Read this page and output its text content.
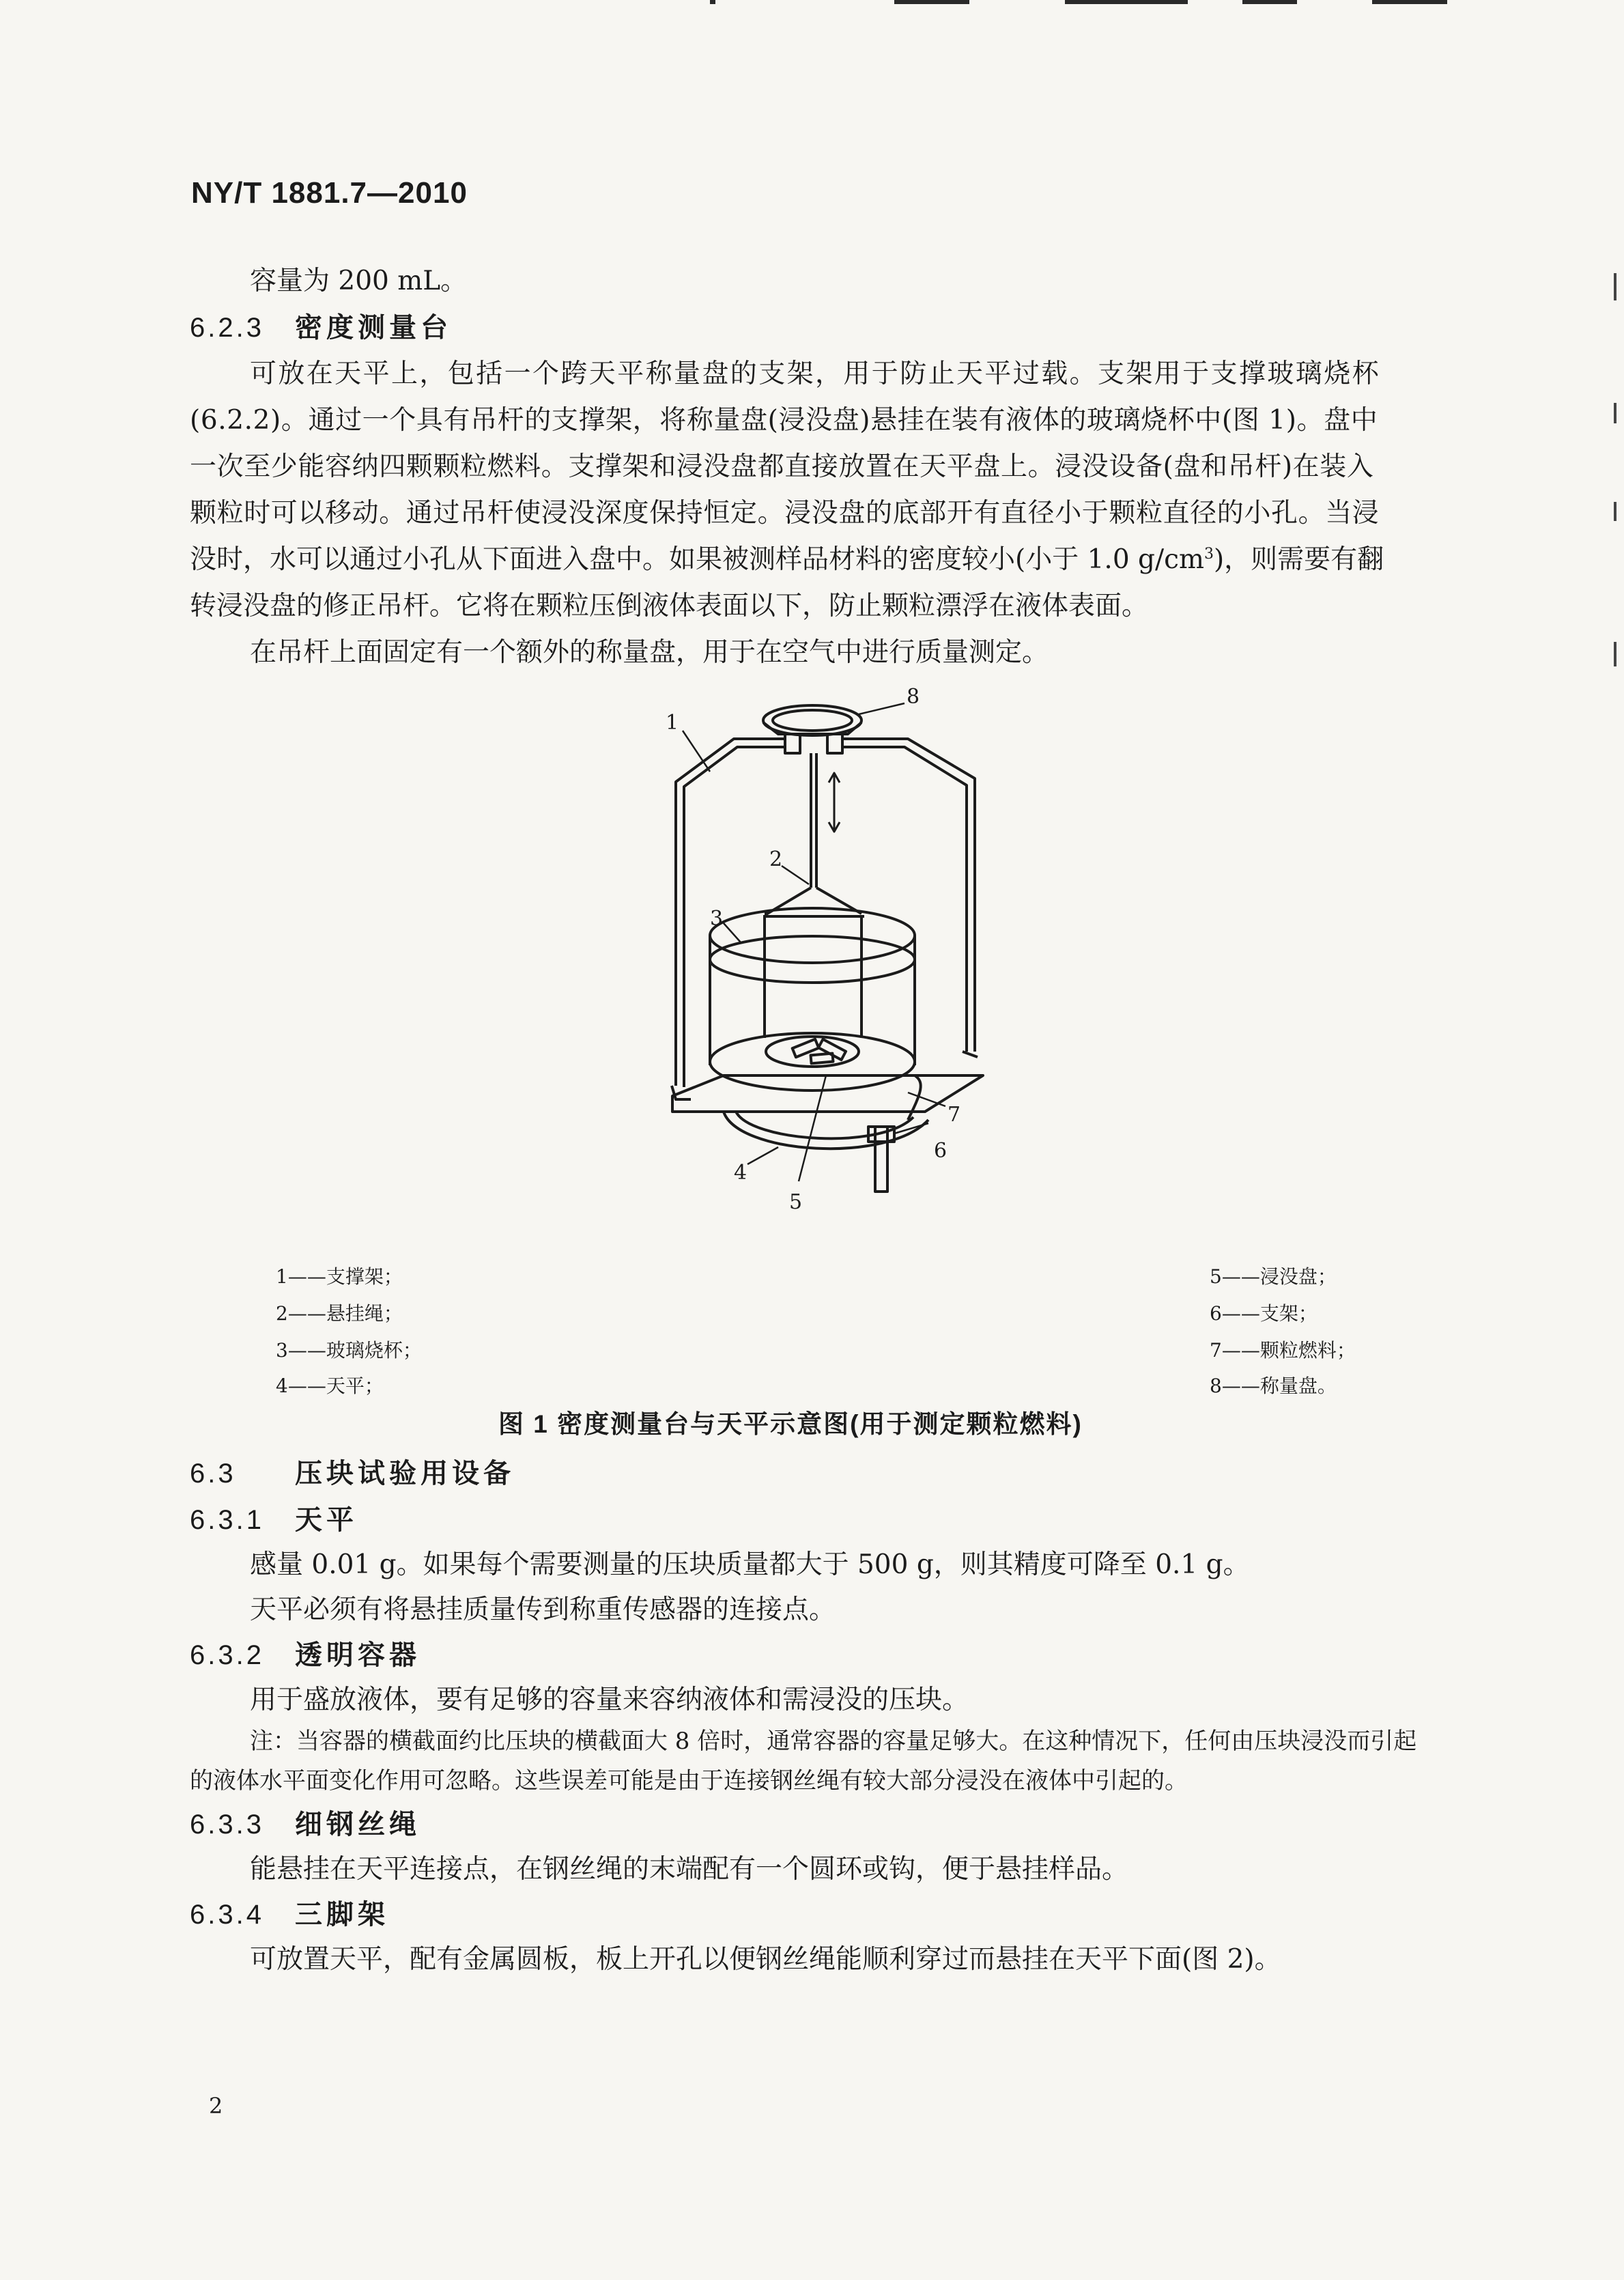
NY/T 1881.7—2010
容量为 200 mL。
6.2.3 密度测量台
可放在天平上，包括一个跨天平称量盘的支架，用于防止天平过载。支架用于支撑玻璃烧杯
(6.2.2)。通过一个具有吊杆的支撑架，将称量盘(浸没盘)悬挂在装有液体的玻璃烧杯中(图 1)。盘中
一次至少能容纳四颗颗粒燃料。支撑架和浸没盘都直接放置在天平盘上。浸没设备(盘和吊杆)在装入
颗粒时可以移动。通过吊杆使浸没深度保持恒定。浸没盘的底部开有直径小于颗粒直径的小孔。当浸
没时，水可以通过小孔从下面进入盘中。如果被测样品材料的密度较小(小于 1.0 $g/cm^3$)，则需要有翻
转浸没盘的修正吊杆。它将在颗粒压倒液体表面以下，防止颗粒漂浮在液体表面。
在吊杆上面固定有一个额外的称量盘，用于在空气中进行质量测定。
1
2
3
4
5
6
7
8
1——支撑架；
2——悬挂绳；
3——玻璃烧杯；
4——天平；
5——浸没盘；
6——支架；
7——颗粒燃料；
8——称量盘。
图 1 密度测量台与天平示意图(用于测定颗粒燃料)
6.3 压块试验用设备
6.3.1 天平
感量 0.01 g。如果每个需要测量的压块质量都大于 500 g，则其精度可降至 0.1 g。
天平必须有将悬挂质量传到称重传感器的连接点。
6.3.2 透明容器
用于盛放液体，要有足够的容量来容纳液体和需浸没的压块。
注：当容器的横截面约比压块的横截面大 8 倍时，通常容器的容量足够大。在这种情况下，任何由压块浸没而引起
的液体水平面变化作用可忽略。这些误差可能是由于连接钢丝绳有较大部分浸没在液体中引起的。
6.3.3 细钢丝绳
能悬挂在天平连接点，在钢丝绳的末端配有一个圆环或钩，便于悬挂样品。
6.3.4 三脚架
可放置天平，配有金属圆板，板上开孔以便钢丝绳能顺利穿过而悬挂在天平下面(图 2)。
2
